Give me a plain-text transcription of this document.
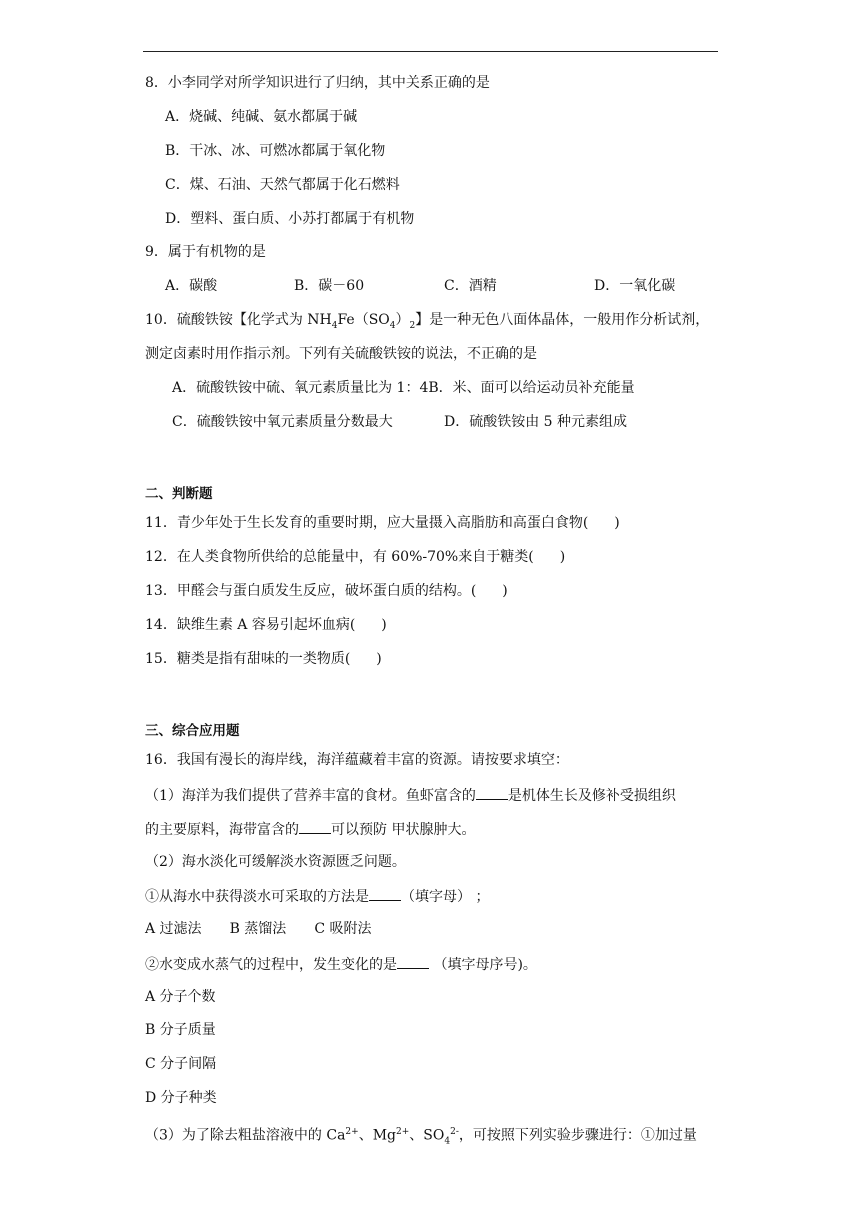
8．小李同学对所学知识进行了归纳，其中关系正确的是
A．烧碱、纯碱、氨水都属于碱
B．干冰、冰、可燃冰都属于氧化物
C．煤、石油、天然气都属于化石燃料
D．塑料、蛋白质、小苏打都属于有机物
9．属于有机物的是
A．碳酸	B．碳－60	C．酒精	D．一氧化碳
10．硫酸铁铵【化学式为 $NH_4Fe(SO_4)_2$】是一种无色八面体晶体，一般用作分析试剂，
测定卤素时用作指示剂。下列有关硫酸铁铵的说法，不正确的是
A．硫酸铁铵中硫、氧元素质量比为 1：4B．米、面可以给运动员补充能量
C．硫酸铁铵中氧元素质量分数最大	D．硫酸铁铵由 5 种元素组成
二、判断题
11．青少年处于生长发育的重要时期，应大量摄入高脂肪和高蛋白食物( )
12．在人类食物所供给的总能量中，有 60%-70%来自于糖类( )
13．甲醛会与蛋白质发生反应，破坏蛋白质的结构。( )
14．缺维生素 A 容易引起坏血病( )
15．糖类是指有甜味的一类物质( )
三、综合应用题
16．我国有漫长的海岸线，海洋蕴藏着丰富的资源。请按要求填空：
（1）海洋为我们提供了营养丰富的食材。鱼虾富含的 是机体生长及修补受损组织
的主要原料，海带富含的 可以预防 甲状腺肿大。
（2）海水淡化可缓解淡水资源匮乏问题。
①从海水中获得淡水可采取的方法是 （填字母） ；
A 过滤法 B 蒸馏法 C 吸附法
②水变成水蒸气的过程中，发生变化的是 （填字母序号)。
A 分子个数
B 分子质量
C 分子间隔
D 分子种类
（3）为了除去粗盐溶液中的 $Ca^{2+}$、$Mg^{2+}$、$SO_4^{2-}$，可按照下列实验步骤进行：①加过量
